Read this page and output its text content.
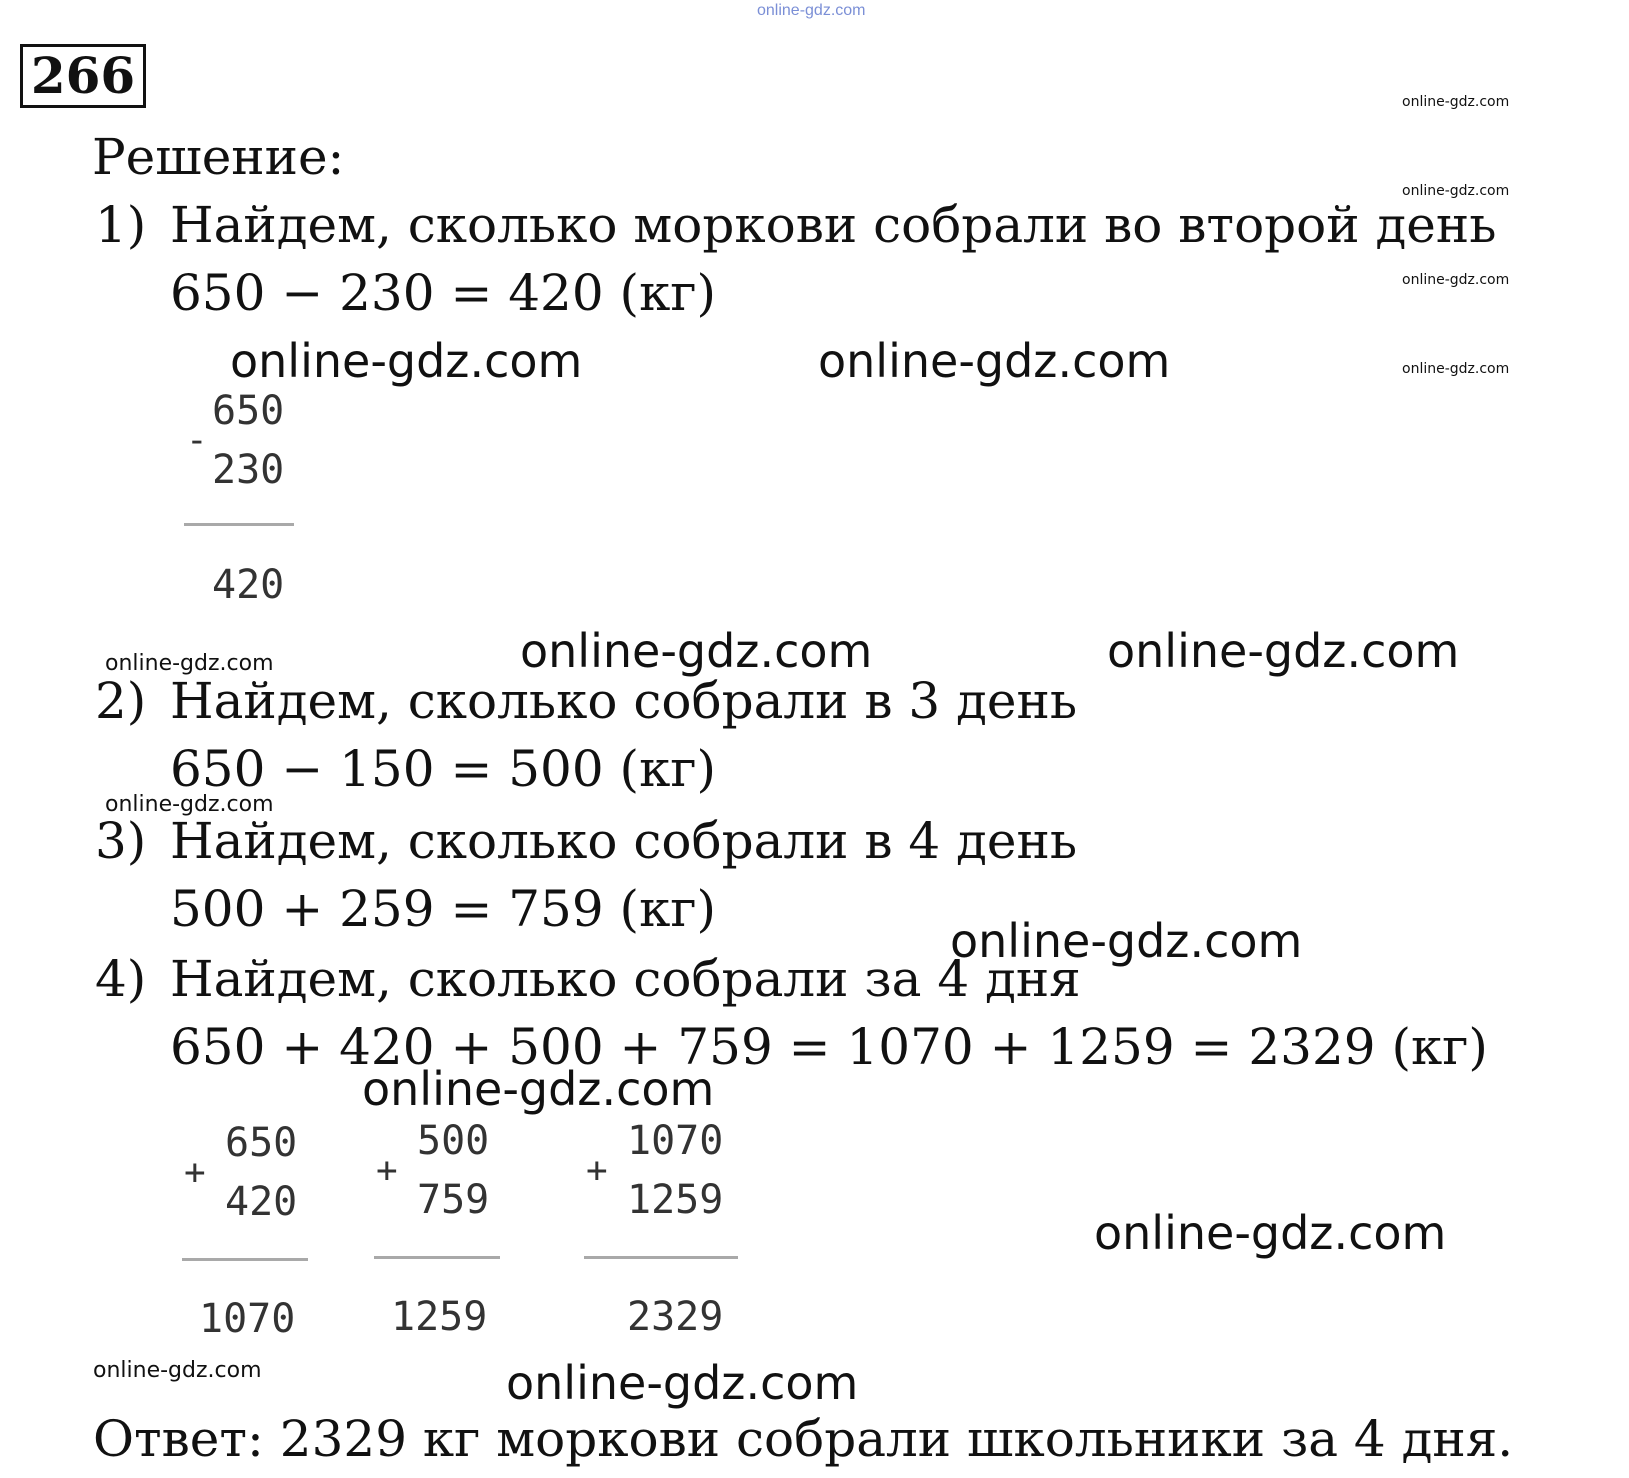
online-gdz.com
266	online-gdz.com
online-gdz.com
online-gdz.com
online-gdz.com
Решение:
1) Найдем, сколько моркови собрали во второй день
650 − 230 = 420 (кг)
online-gdz.com	online-gdz.com
650
-
230
420
online-gdz.com	online-gdz.com
online-gdz.com
2) Найдем, сколько собрали в 3 день
650 − 150 = 500 (кг)
online-gdz.com
3) Найдем, сколько собрали в 4 день
500 + 259 = 759 (кг)
online-gdz.com
4) Найдем, сколько собрали за 4 дня
650 + 420 + 500 + 759 = 1070 + 1259 = 2329 (кг)
online-gdz.com
650
+
420
1070
500
+
759
1259
1070
+
1259
2329
online-gdz.com
online-gdz.com	online-gdz.com
Ответ: 2329 кг моркови собрали школьники за 4 дня.
